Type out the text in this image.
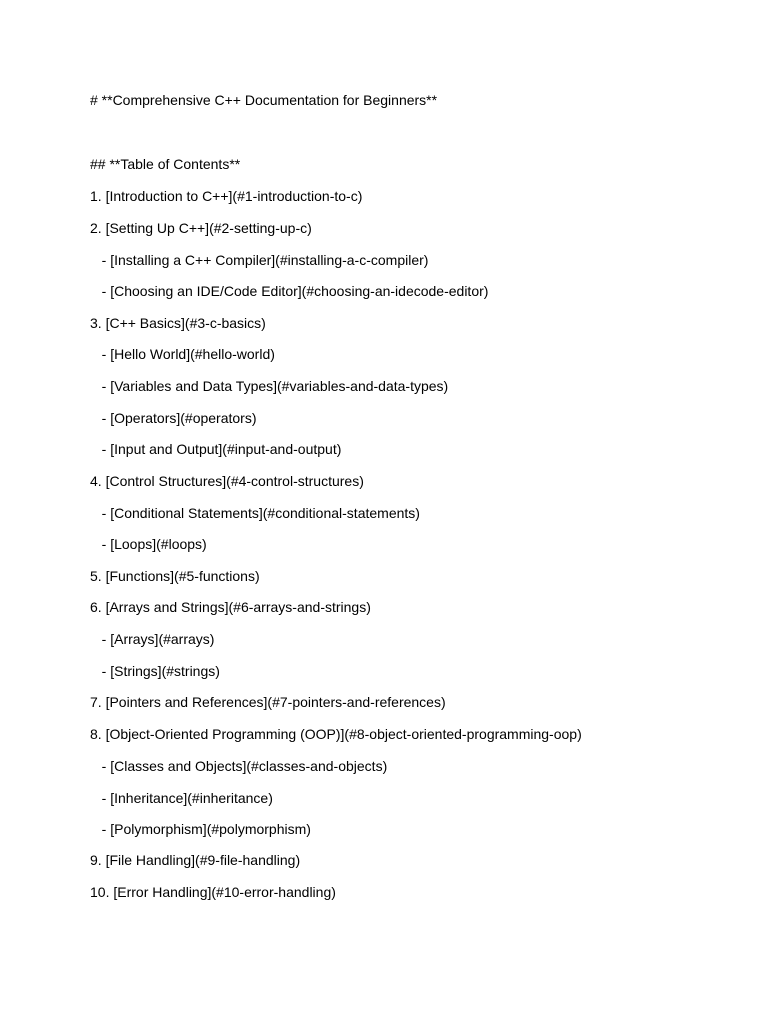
# **Comprehensive C++ Documentation for Beginners**
## **Table of Contents**
1. [Introduction to C++](#1-introduction-to-c)
2. [Setting Up C++](#2-setting-up-c)
- [Installing a C++ Compiler](#installing-a-c-compiler)
- [Choosing an IDE/Code Editor](#choosing-an-idecode-editor)
3. [C++ Basics](#3-c-basics)
- [Hello World](#hello-world)
- [Variables and Data Types](#variables-and-data-types)
- [Operators](#operators)
- [Input and Output](#input-and-output)
4. [Control Structures](#4-control-structures)
- [Conditional Statements](#conditional-statements)
- [Loops](#loops)
5. [Functions](#5-functions)
6. [Arrays and Strings](#6-arrays-and-strings)
- [Arrays](#arrays)
- [Strings](#strings)
7. [Pointers and References](#7-pointers-and-references)
8. [Object-Oriented Programming (OOP)](#8-object-oriented-programming-oop)
- [Classes and Objects](#classes-and-objects)
- [Inheritance](#inheritance)
- [Polymorphism](#polymorphism)
9. [File Handling](#9-file-handling)
10. [Error Handling](#10-error-handling)
